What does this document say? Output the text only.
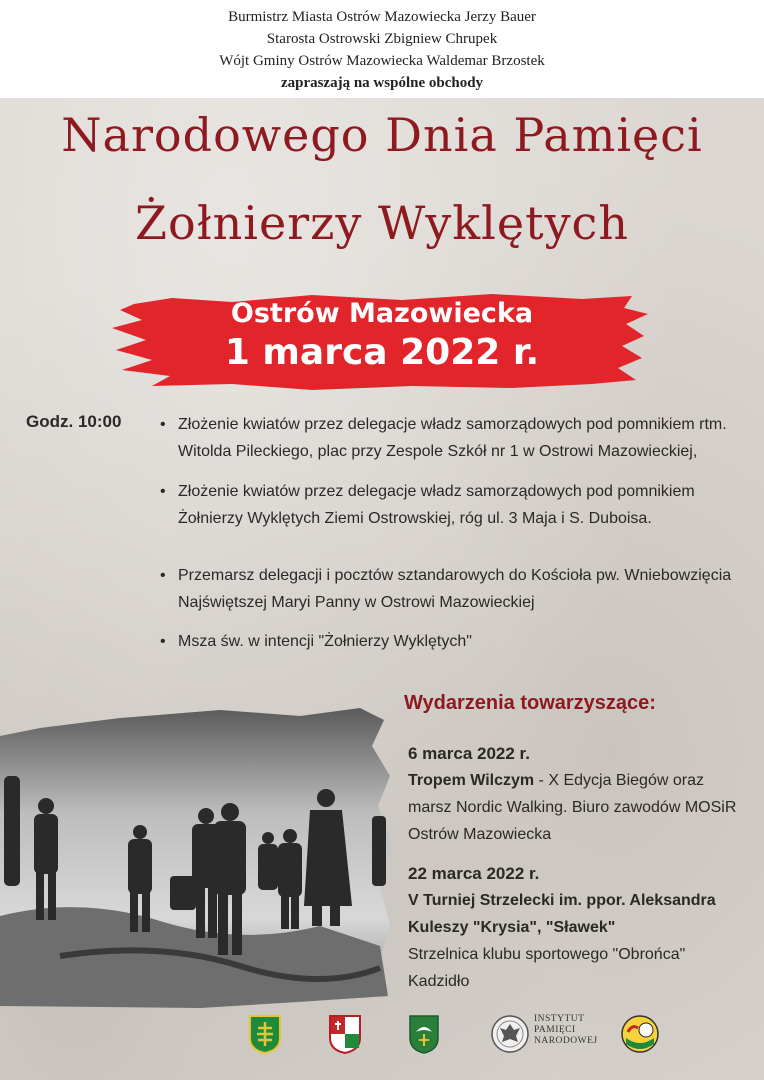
Burmistrz Miasta Ostrów Mazowiecka Jerzy Bauer
Starosta Ostrowski Zbigniew Chrupek
Wójt Gminy Ostrów Mazowiecka Waldemar Brzostek
zapraszają na wspólne obchody
Narodowego Dnia Pamięci
Żołnierzy Wyklętych
Ostrów Mazowiecka
1 marca 2022 r.
Godz. 10:00
•	Złożenie kwiatów przez delegacje władz samorządowych pod pomnikiem rtm. Witolda Pileckiego, plac przy Zespole Szkół nr 1 w Ostrowi Mazowieckiej,
• Złożenie kwiatów przez delegacje władz samorządowych pod pomnikiem Żołnierzy Wyklętych Ziemi Ostrowskiej, róg ul. 3 Maja i S. Duboisa.
• Przemarsz delegacji i pocztów sztandarowych do Kościoła pw. Wniebowzięcia Najświętszej Maryi Panny w Ostrowi Mazowieckiej
• Msza św. w intencji "Żołnierzy Wyklętych"
Wydarzenia towarzyszące:
6 marca 2022 r.
Tropem Wilczym - X Edycja Biegów oraz marsz Nordic Walking. Biuro zawodów MOSiR Ostrów Mazowiecka
22 marca 2022 r.
V Turniej Strzelecki im. ppor. Aleksandra Kuleszy "Krysia", "Sławek"
Strzelnica klubu sportowego "Obrońca" Kadzidło
INSTYTUT
PAMIĘCI
NARODOWEJ
